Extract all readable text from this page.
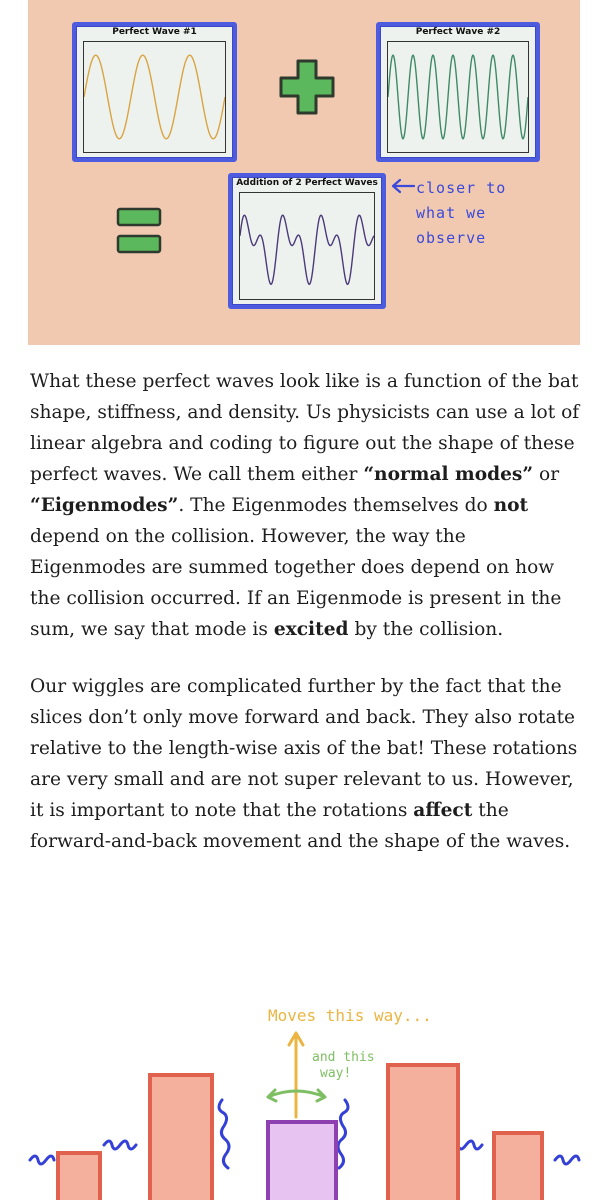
Perfect Wave #1	Perfect Wave #2
Addition of 2 Perfect Waves	closer to
what we
observe

What these perfect waves look like is a function of the bat shape, stiffness, and density. Us physicists can use a lot of linear algebra and coding to figure out the shape of these perfect waves. We call them either “normal modes” or “Eigenmodes”. The Eigenmodes themselves do not depend on the collision. However, the way the Eigenmodes are summed together does depend on how the collision occurred. If an Eigenmode is present in the sum, we say that mode is excited by the collision.

Our wiggles are complicated further by the fact that the slices don’t only move forward and back. They also rotate relative to the length-wise axis of the bat! These rotations are very small and are not super relevant to us. However, it is important to note that the rotations affect the forward-and-back movement and the shape of the waves.

Moves this way...
and this
way!
